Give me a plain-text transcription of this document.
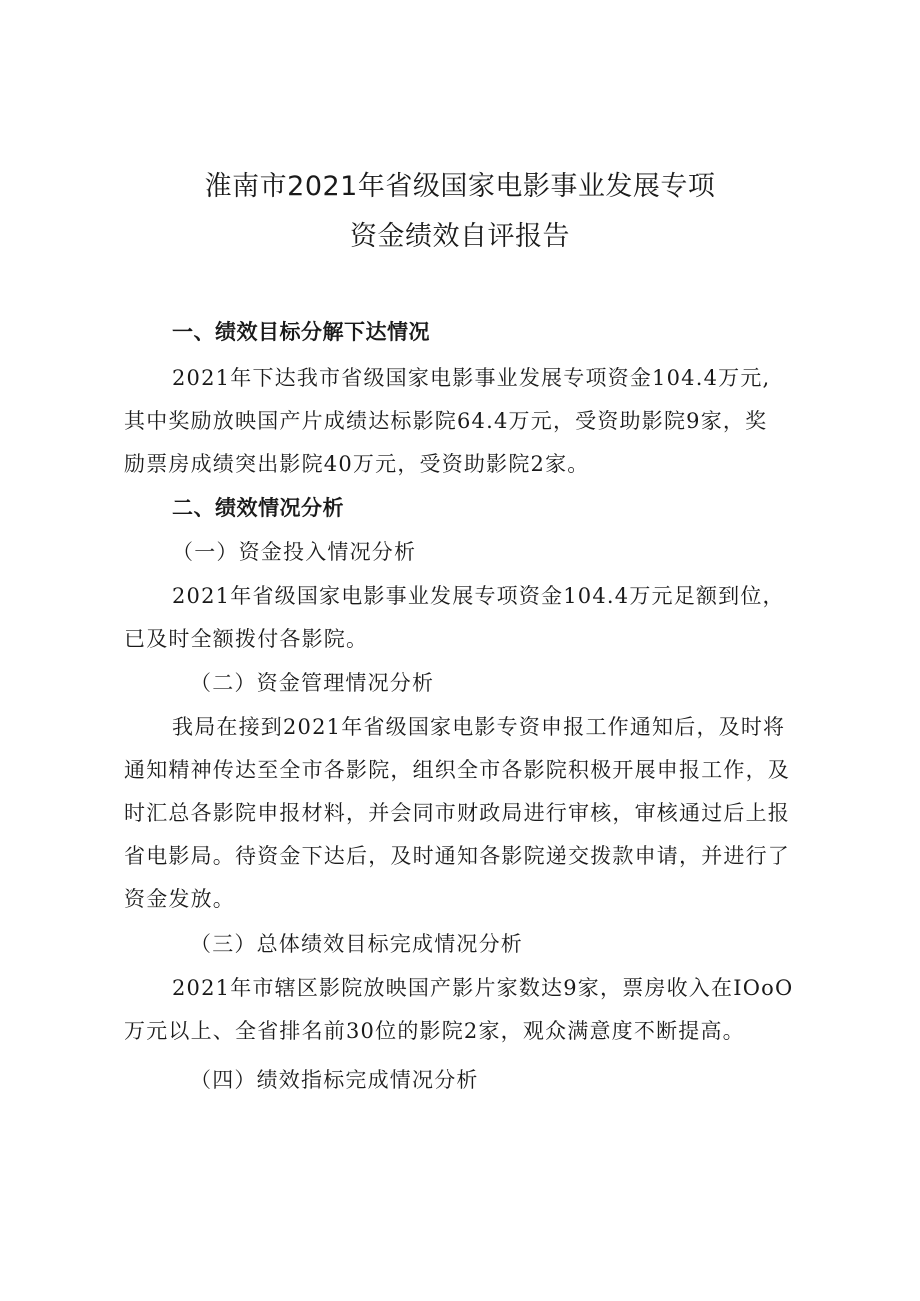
淮南市2021年省级国家电影事业发展专项
资金绩效自评报告
一、绩效目标分解下达情况
2021年下达我市省级国家电影事业发展专项资金104.4万元,
其中奖励放映国产片成绩达标影院64.4万元，受资助影院9家，奖
励票房成绩突出影院40万元，受资助影院2家。
二、绩效情况分析
（一）资金投入情况分析
2021年省级国家电影事业发展专项资金104.4万元足额到位，
已及时全额拨付各影院。
（二）资金管理情况分析
我局在接到2021年省级国家电影专资申报工作通知后，及时将
通知精神传达至全市各影院，组织全市各影院积极开展申报工作，及
时汇总各影院申报材料，并会同市财政局进行审核，审核通过后上报
省电影局。待资金下达后，及时通知各影院递交拨款申请，并进行了
资金发放。
（三）总体绩效目标完成情况分析
2021年市辖区影院放映国产影片家数达9家，票房收入在IOoO
万元以上、全省排名前30位的影院2家，观众满意度不断提高。
（四）绩效指标完成情况分析
